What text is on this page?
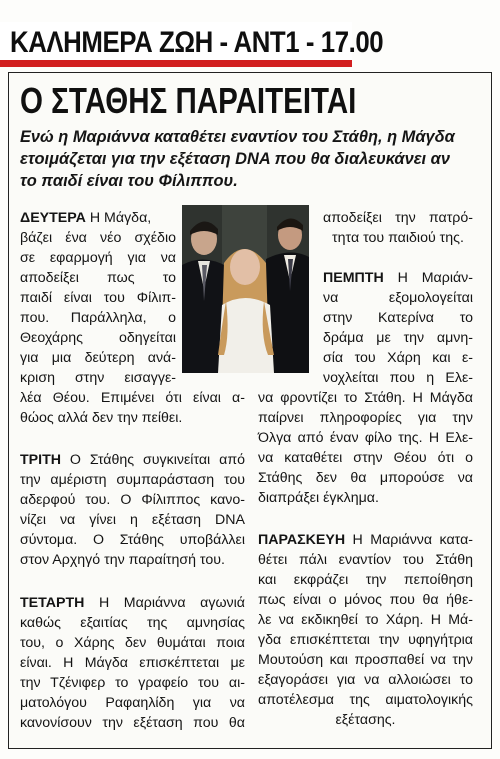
ΚΑΛΗΜΕΡΑ ΖΩΗ - ΑΝΤ1 - 17.00
Ο ΣΤΑΘΗΣ ΠΑΡΑΙΤΕΙΤΑΙ

Ενώ η Μαριάννα καταθέτει εναντίον του Στάθη, η Μάγδα
ετοιμάζεται για την εξέταση DNA που θα διαλευκάνει αν
το παιδί είναι του Φίλιππου.

ΔΕΥΤΕΡΑ Η Μάγδα,
βάζει ένα νέο σχέδιο
σε εφαρμογή για να
αποδείξει πως το
παιδί είναι του Φίλιπ-
που. Παράλληλα, ο
Θεοχάρης οδηγείται
για μια δεύτερη ανά-
κριση στην εισαγγε-
λέα Θέου. Επιμένει ότι είναι α-
θώος αλλά δεν την πείθει.
ΤΡΙΤΗ Ο Στάθης συγκινείται από
την αμέριστη συμπαράσταση του
αδερφού του. Ο Φίλιππος κανο-
νίζει να γίνει η εξέταση DNA
σύντομα. Ο Στάθης υποβάλλει
στον Αρχηγό την παραίτησή του.
ΤΕΤΑΡΤΗ Η Μαριάννα αγωνιά
καθώς εξαιτίας της αμνησίας
του, ο Χάρης δεν θυμάται ποια
είναι. Η Μάγδα επισκέπτεται με
την Τζένιφερ το γραφείο του αι-
ματολόγου Ραφαηλίδη για να
κανονίσουν την εξέταση που θα
αποδείξει την πατρό-
τητα του παιδιού της.
ΠΕΜΠΤΗ Η Μαριάν-
να εξομολογείται
στην Κατερίνα το
δράμα με την αμνη-
σία του Χάρη και ε-
νοχλείται που η Ελε-
να φροντίζει το Στάθη. Η Μάγδα
παίρνει πληροφορίες για την
Όλγα από έναν φίλο της. Η Ελε-
να καταθέτει στην Θέου ότι ο
Στάθης δεν θα μπορούσε να
διαπράξει έγκλημα.
ΠΑΡΑΣΚΕΥΗ Η Μαριάννα κατα-
θέτει πάλι εναντίον του Στάθη
και εκφράζει την πεποίθηση
πως είναι ο μόνος που θα ήθε-
λε να εκδικηθεί το Χάρη. Η Μά-
γδα επισκέπτεται την υφηγήτρια
Μουτούση και προσπαθεί να την
εξαγοράσει για να αλλοιώσει το
αποτέλεσμα της αιματολογικής
εξέτασης.
